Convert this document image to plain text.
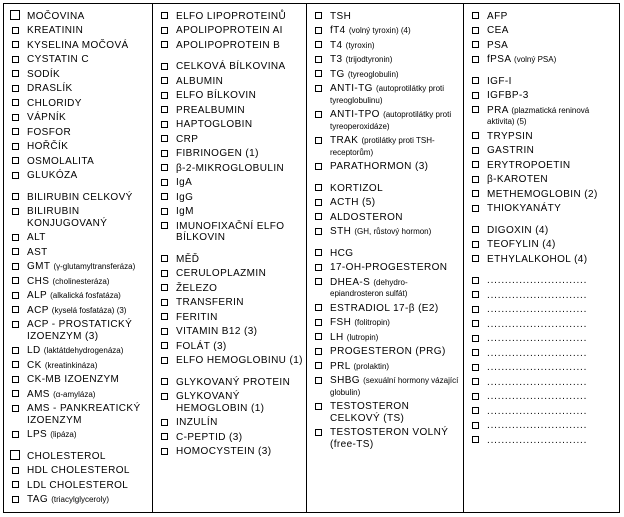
MOČOVINA
KREATININ
KYSELINA MOČOVÁ
CYSTATIN C
SODÍK
DRASLÍK
CHLORIDY
VÁPNÍK
FOSFOR
HOŘČÍK
OSMOLALITA
GLUKÓZA
BILIRUBIN CELKOVÝ
BILIRUBIN KONJUGOVANÝ
ALT
AST
GMT (γ-glutamyltransferáza)
CHS (cholinesteráza)
ALP (alkalická fosfatáza)
ACP (kyselá fosfatáza) (3)
ACP - PROSTATICKÝ IZOENZYM (3)
LD (laktátdehydrogenáza)
CK (kreatinkináza)
CK-MB IZOENZYM
AMS (α-amyláza)
AMS - PANKREATICKÝ IZOENZYM
LPS (lipáza)
CHOLESTEROL
HDL CHOLESTEROL
LDL CHOLESTEROL
TAG (triacylglyceroly)
ELFO LIPOPROTEINŮ
APOLIPOPROTEIN AI
APOLIPOPROTEIN B
CELKOVÁ BÍLKOVINA
ALBUMIN
ELFO BÍLKOVIN
PREALBUMIN
HAPTOGLOBIN
CRP
FIBRINOGEN (1)
β-2-MIKROGLOBULIN
IgA
IgG
IgM
IMUNOFIXAČNÍ ELFO BÍLKOVIN
MĚĎ
CERULOPLAZMIN
ŽELEZO
TRANSFERIN
FERITIN
VITAMIN B12 (3)
FOLÁT (3)
ELFO HEMOGLOBINU (1)
GLYKOVANÝ PROTEIN
GLYKOVANÝ HEMOGLOBIN (1)
INZULÍN
C-PEPTID (3)
HOMOCYSTEIN (3)
TSH
fT4 (volný tyroxin) (4)
T4 (tyroxin)
T3 (trijodtyronin)
TG (tyreoglobulin)
ANTI-TG (autoprotilátky proti tyreoglobulinu)
ANTI-TPO (autoprotilátky proti tyreoperoxidáze)
TRAK (protilátky proti TSH-receptorům)
PARATHORMON (3)
KORTIZOL
ACTH (5)
ALDOSTERON
STH (GH, růstový hormon)
HCG
17-OH-PROGESTERON
DHEA-S (dehydro-epiandrosteron sulfát)
ESTRADIOL 17-β (E2)
FSH (folitropin)
LH (lutropin)
PROGESTERON (PRG)
PRL (prolaktin)
SHBG (sexuální hormony vázající globulin)
TESTOSTERON CELKOVÝ (TS)
TESTOSTERON VOLNÝ (free-TS)
AFP
CEA
PSA
fPSA (volný PSA)
IGF-I
IGFBP-3
PRA (plazmatická reninová aktivita) (5)
TRYPSIN
GASTRIN
ERYTROPOETIN
β-KAROTEN
METHEMOGLOBIN (2)
THIOKYANÁTY
DIGOXIN (4)
TEOFYLIN (4)
ETHYLALKOHOL (4)
............................
............................
............................
............................
............................
............................
............................
............................
............................
............................
............................
............................
